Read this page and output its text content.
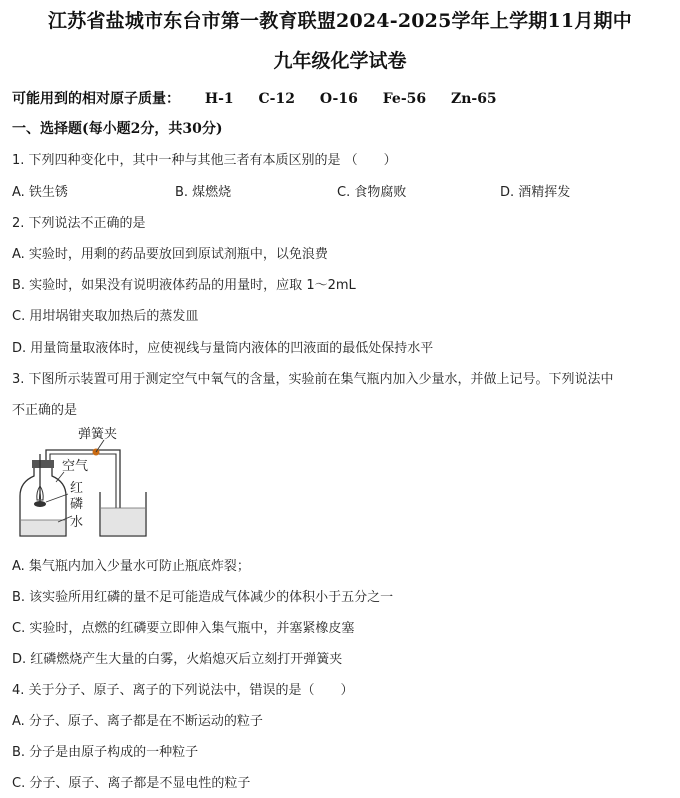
江苏省盐城市东台市第一教育联盟2024-2025学年上学期11月期中
九年级化学试卷
可能用到的相对原子质量： H-1 C-12 O-16 Fe-56 Zn-65
一、选择题(每小题2分，共30分)
1. 下列四种变化中，其中一种与其他三者有本质区别的是 （　　）
A. 铁生锈	B. 煤燃烧	C. 食物腐败	D. 酒精挥发
2. 下列说法不正确的是
A. 实验时，用剩的药品要放回到原试剂瓶中，以免浪费
B. 实验时，如果没有说明液体药品的用量时，应取 1～2mL
C. 用坩埚钳夹取加热后的蒸发皿
D. 用量筒量取液体时，应使视线与量筒内液体的凹液面的最低处保持水平
3. 下图所示装置可用于测定空气中氧气的含量，实验前在集气瓶内加入少量水，并做上记号。下列说法中
不正确的是
弹簧夹
空气
红
磷
水
A. 集气瓶内加入少量水可防止瓶底炸裂；
B. 该实验所用红磷的量不足可能造成气体减少的体积小于五分之一
C. 实验时，点燃的红磷要立即伸入集气瓶中，并塞紧橡皮塞
D. 红磷燃烧产生大量的白雾，火焰熄灭后立刻打开弹簧夹
4. 关于分子、原子、离子的下列说法中，错误的是（　　）
A. 分子、原子、离子都是在不断运动的粒子
B. 分子是由原子构成的一种粒子
C. 分子、原子、离子都是不显电性的粒子
